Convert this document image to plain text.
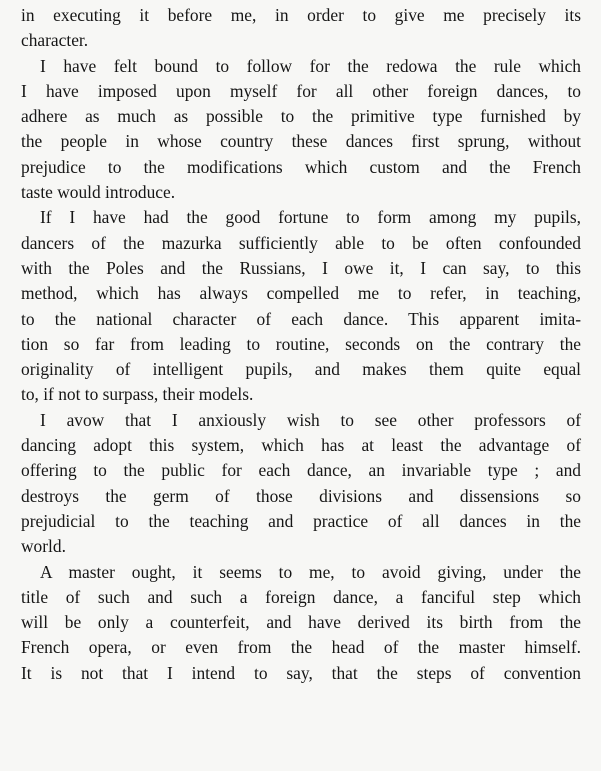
in executing it before me, in order to give me precisely its
character.
I have felt bound to follow for the redowa the rule which
I have imposed upon myself for all other foreign dances, to
adhere as much as possible to the primitive type furnished by
the people in whose country these dances first sprung, without
prejudice to the modifications which custom and the French
taste would introduce.
If I have had the good fortune to form among my pupils,
dancers of the mazurka sufficiently able to be often confounded
with the Poles and the Russians, I owe it, I can say, to this
method, which has always compelled me to refer, in teaching,
to the national character of each dance. This apparent imita-
tion so far from leading to routine, seconds on the contrary the
originality of intelligent pupils, and makes them quite equal
to, if not to surpass, their models.
I avow that I anxiously wish to see other professors of
dancing adopt this system, which has at least the advantage of
offering to the public for each dance, an invariable type ; and
destroys the germ of those divisions and dissensions so
prejudicial to the teaching and practice of all dances in the
world.
A master ought, it seems to me, to avoid giving, under the
title of such and such a foreign dance, a fanciful step which
will be only a counterfeit, and have derived its birth from the
French opera, or even from the head of the master himself.
It is not that I intend to say, that the steps of convention
